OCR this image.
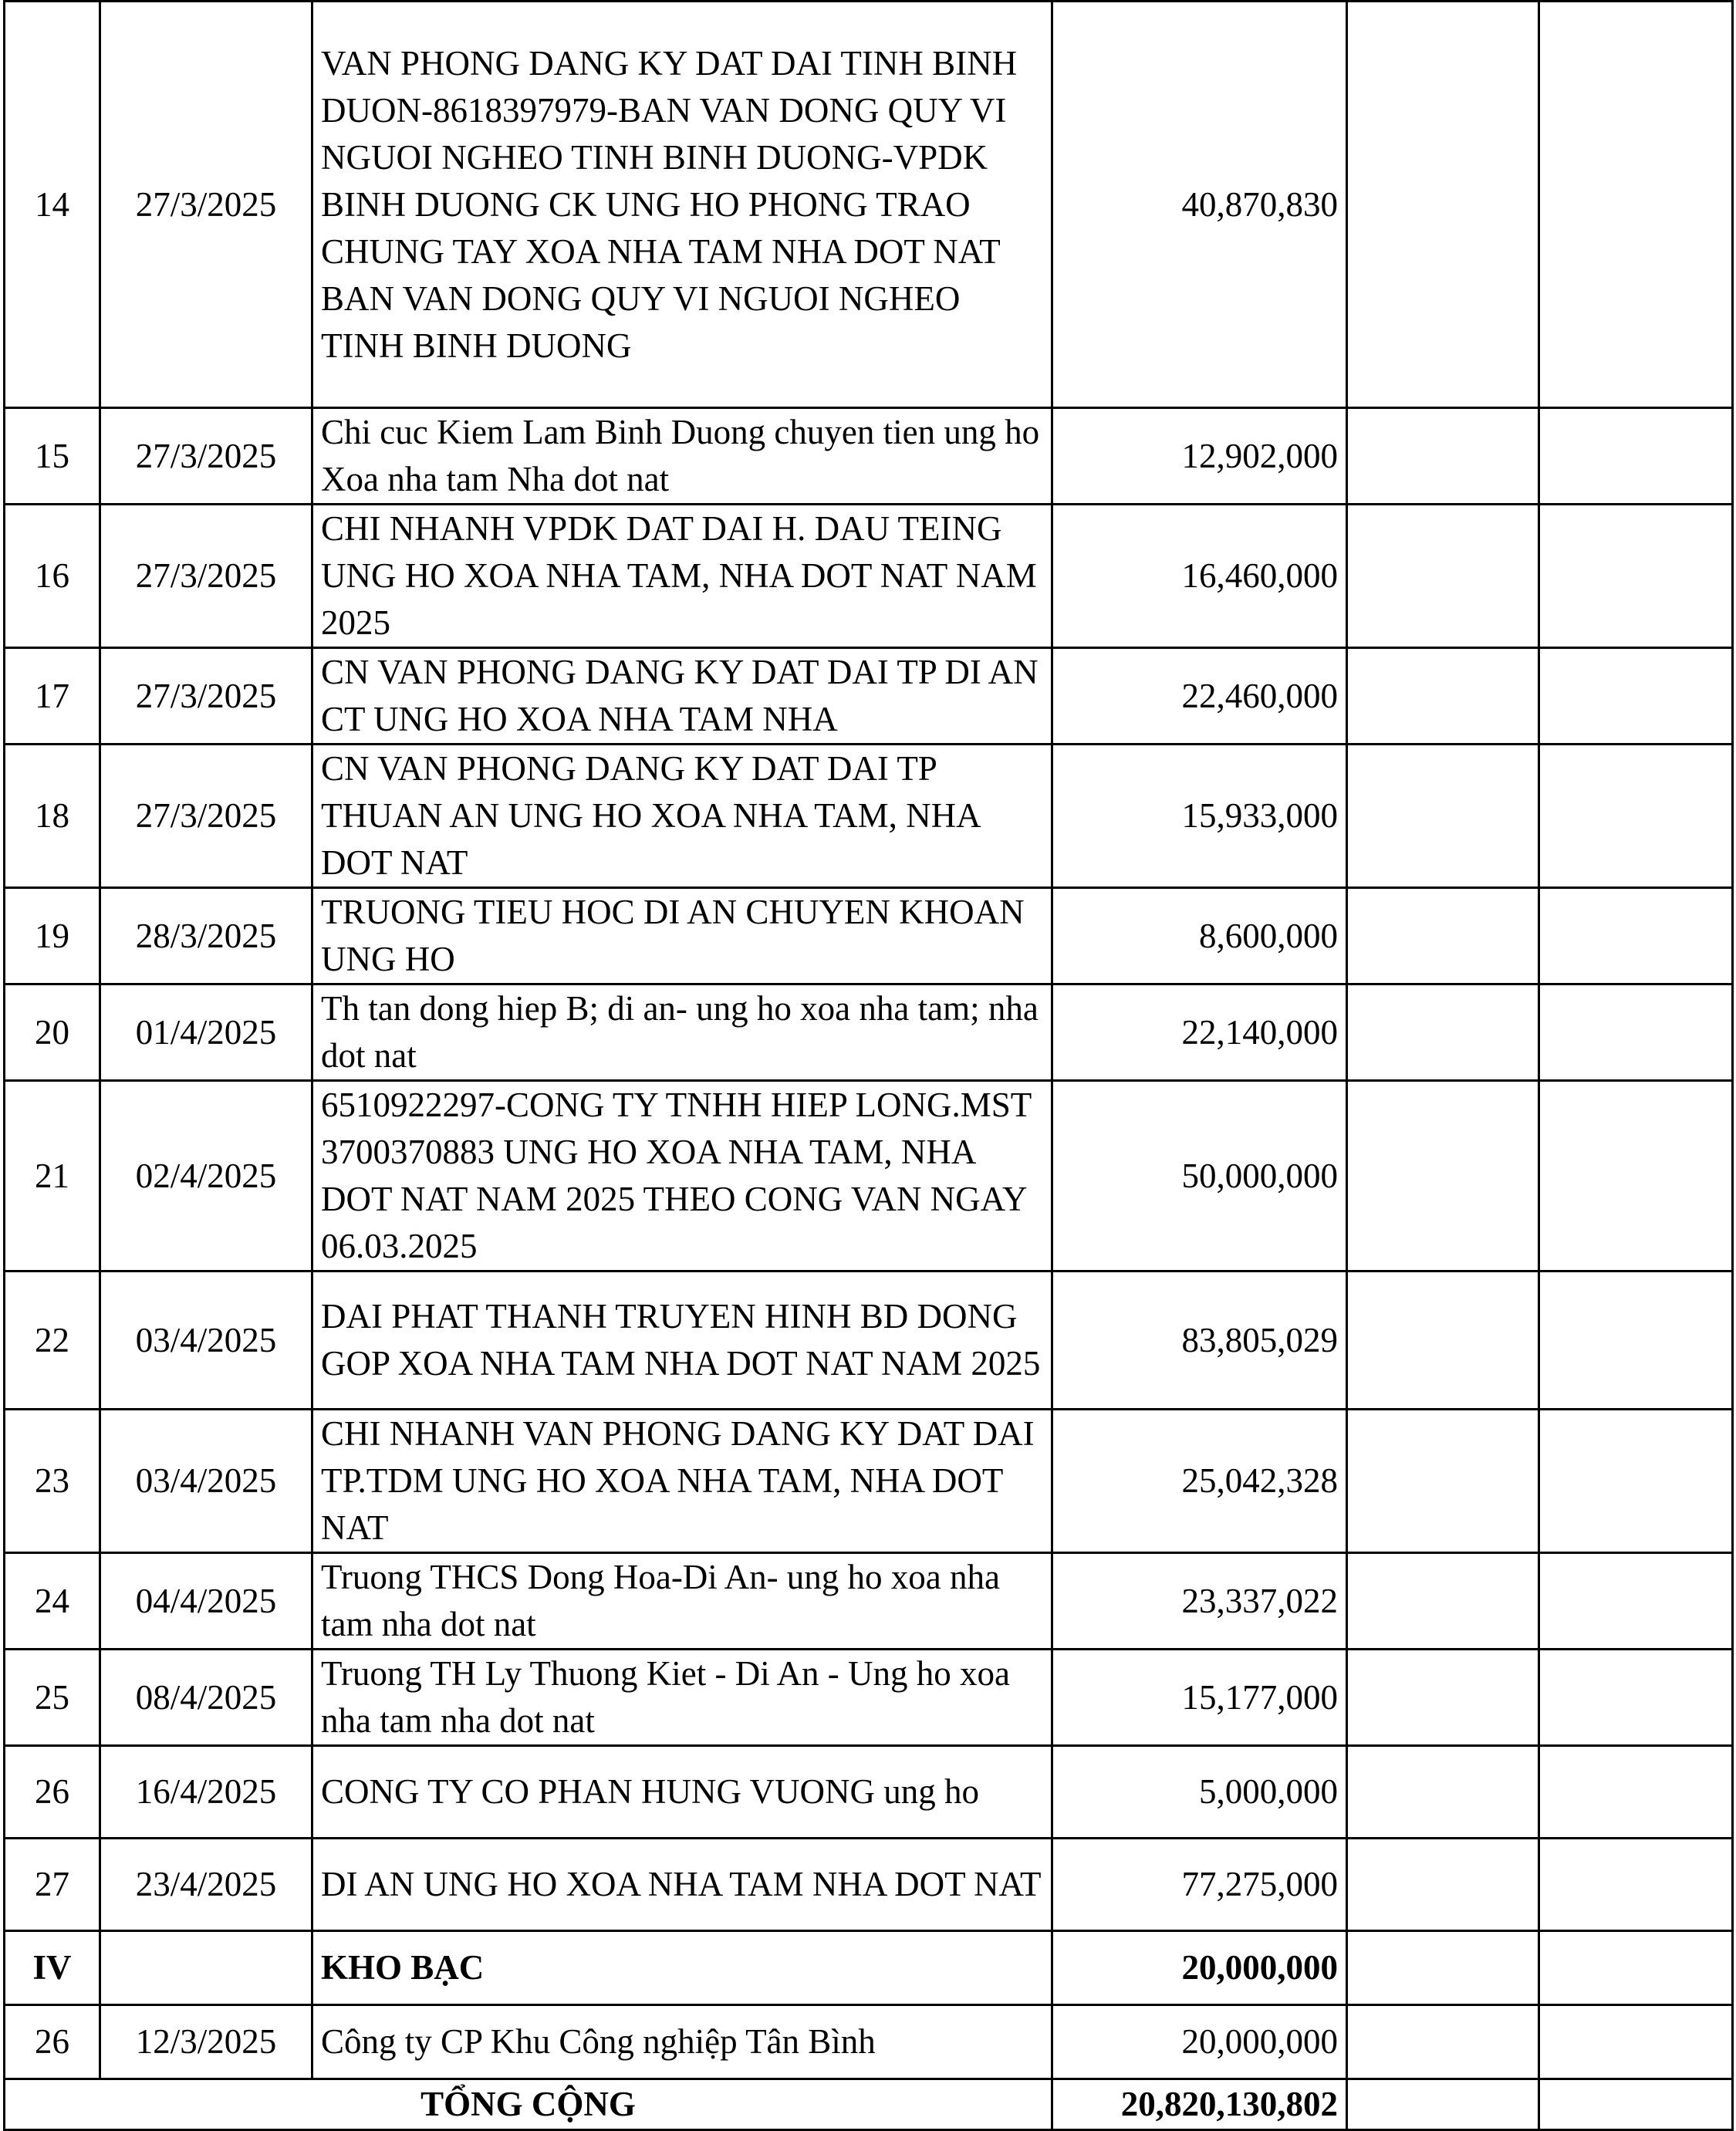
14	27/3/2025	VAN PHONG DANG KY DAT DAI TINH BINH DUON-8618397979-BAN VAN DONG QUY VI NGUOI NGHEO TINH BINH DUONG-VPDK BINH DUONG CK UNG HO PHONG TRAO CHUNG TAY XOA NHA TAM NHA DOT NAT BAN VAN DONG QUY VI NGUOI NGHEO TINH BINH DUONG	40,870,830		
15	27/3/2025	Chi cuc Kiem Lam Binh Duong chuyen tien ung ho Xoa nha tam Nha dot nat	12,902,000		
16	27/3/2025	CHI NHANH VPDK DAT DAI H. DAU TEING UNG HO XOA NHA TAM, NHA DOT NAT NAM 2025	16,460,000		
17	27/3/2025	CN VAN PHONG DANG KY DAT DAI TP DI AN CT UNG HO XOA NHA TAM NHA	22,460,000		
18	27/3/2025	CN VAN PHONG DANG KY DAT DAI TP THUAN AN UNG HO XOA NHA TAM, NHA DOT NAT	15,933,000		
19	28/3/2025	TRUONG TIEU HOC DI AN CHUYEN KHOAN UNG HO	8,600,000		
20	01/4/2025	Th tan dong hiep B; di an- ung ho xoa nha tam; nha dot nat	22,140,000		
21	02/4/2025	6510922297-CONG TY TNHH HIEP LONG.MST 3700370883 UNG HO XOA NHA TAM, NHA DOT NAT NAM 2025 THEO CONG VAN NGAY 06.03.2025	50,000,000		
22	03/4/2025	DAI PHAT THANH TRUYEN HINH BD DONG GOP XOA NHA TAM NHA DOT NAT NAM 2025	83,805,029		
23	03/4/2025	CHI NHANH VAN PHONG DANG KY DAT DAI TP.TDM UNG HO XOA NHA TAM, NHA DOT NAT	25,042,328		
24	04/4/2025	Truong THCS Dong Hoa-Di An- ung ho xoa nha tam nha dot nat	23,337,022		
25	08/4/2025	Truong TH Ly Thuong Kiet - Di An - Ung ho xoa nha tam nha dot nat	15,177,000		
26	16/4/2025	CONG TY CO PHAN HUNG VUONG ung ho	5,000,000		
27	23/4/2025	DI AN UNG HO XOA NHA TAM NHA DOT NAT	77,275,000		
IV		KHO BẠC	20,000,000		
26	12/3/2025	Công ty CP Khu Công nghiệp Tân Bình	20,000,000		
TỔNG CỘNG			20,820,130,802		
